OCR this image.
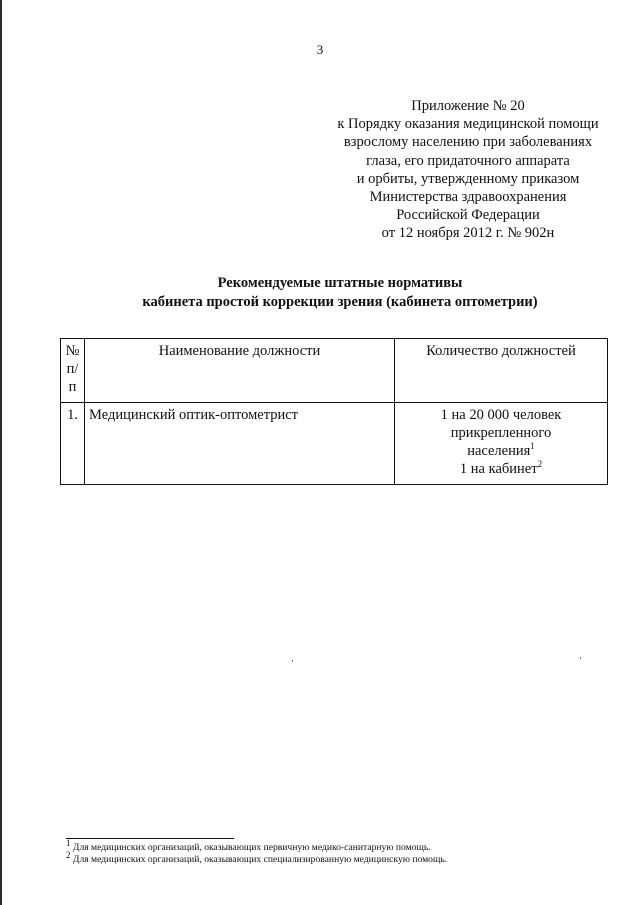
3
Приложение № 20
к Порядку оказания медицинской помощи
взрослому населению при заболеваниях
глаза, его придаточного аппарата
и орбиты, утвержденному приказом
Министерства здравоохранения
Российской Федерации
от 12 ноября 2012 г. № 902н
Рекомендуемые штатные нормативы
кабинета простой коррекции зрения (кабинета оптометрии)
№
п/п	Наименование должности	Количество должностей
1.	Медицинский оптик-оптометрист	1 на 20 000 человек
прикрепленного
населения$^1$
1 на кабинет$^2$
$^1$ Для медицинских организаций, оказывающих первичную медико-санитарную помощь.
$^2$ Для медицинских организаций, оказывающих специализированную медицинскую помощь.
